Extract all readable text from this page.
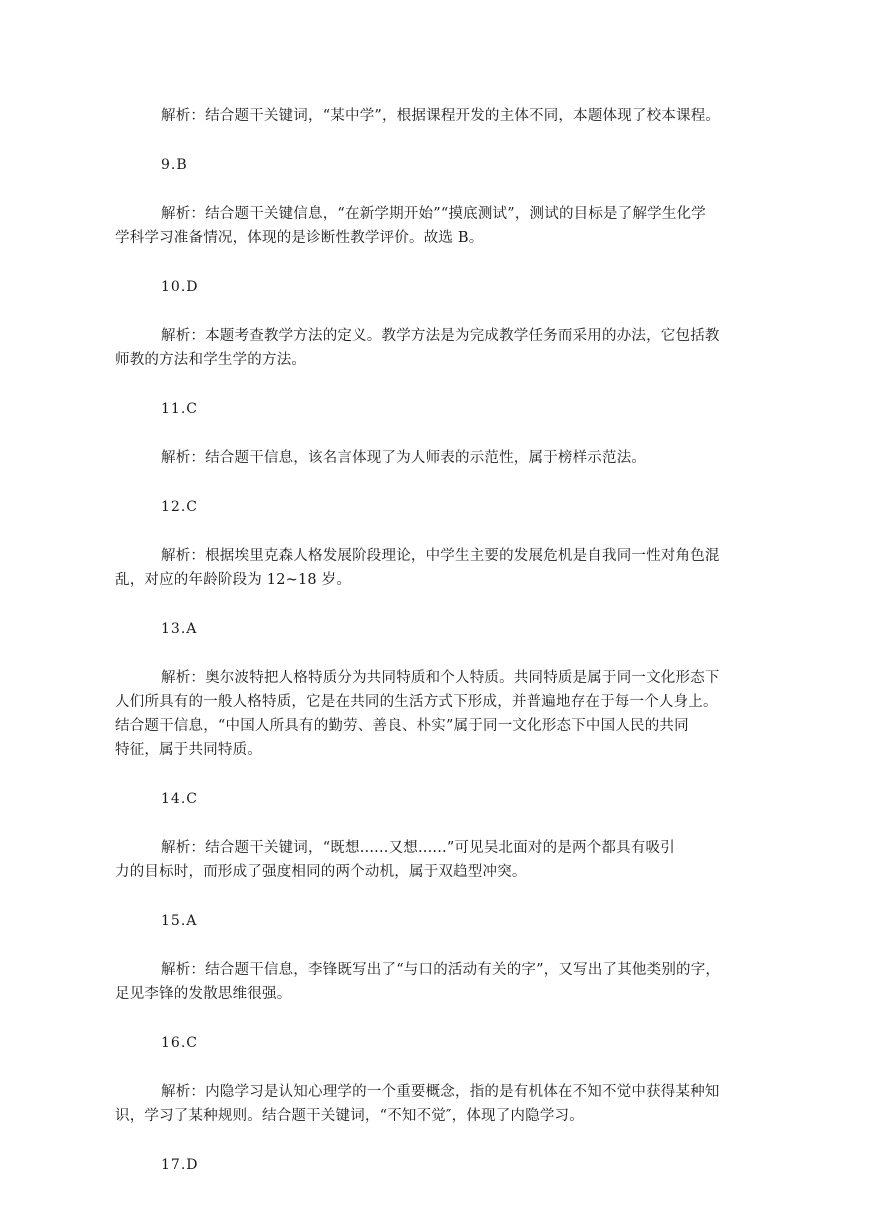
解析：结合题干关键词，“某中学”，根据课程开发的主体不同，本题体现了校本课程。

9.B

解析：结合题干关键信息，“在新学期开始”“摸底测试”，测试的目标是了解学生化学

学科学习准备情况，体现的是诊断性教学评价。故选 B。

10.D

解析：本题考查教学方法的定义。教学方法是为完成教学任务而采用的办法，它包括教

师教的方法和学生学的方法。

11.C

解析：结合题干信息，该名言体现了为人师表的示范性，属于榜样示范法。

12.C

解析：根据埃里克森人格发展阶段理论，中学生主要的发展危机是自我同一性对角色混

乱，对应的年龄阶段为 12~18 岁。

13.A

解析：奥尔波特把人格特质分为共同特质和个人特质。共同特质是属于同一文化形态下

人们所具有的一般人格特质，它是在共同的生活方式下形成，并普遍地存在于每一个人身上。

结合题干信息，“中国人所具有的勤劳、善良、朴实”属于同一文化形态下中国人民的共同

特征，属于共同特质。

14.C

解析：结合题干关键词，“既想......又想......”可见吴北面对的是两个都具有吸引

力的目标时，而形成了强度相同的两个动机，属于双趋型冲突。

15.A

解析：结合题干信息，李锋既写出了“与口的活动有关的字”，又写出了其他类别的字，

足见李锋的发散思维很强。

16.C

解析：内隐学习是认知心理学的一个重要概念，指的是有机体在不知不觉中获得某种知

识，学习了某种规则。结合题干关键词，“不知不觉″，体现了内隐学习。

17.D
